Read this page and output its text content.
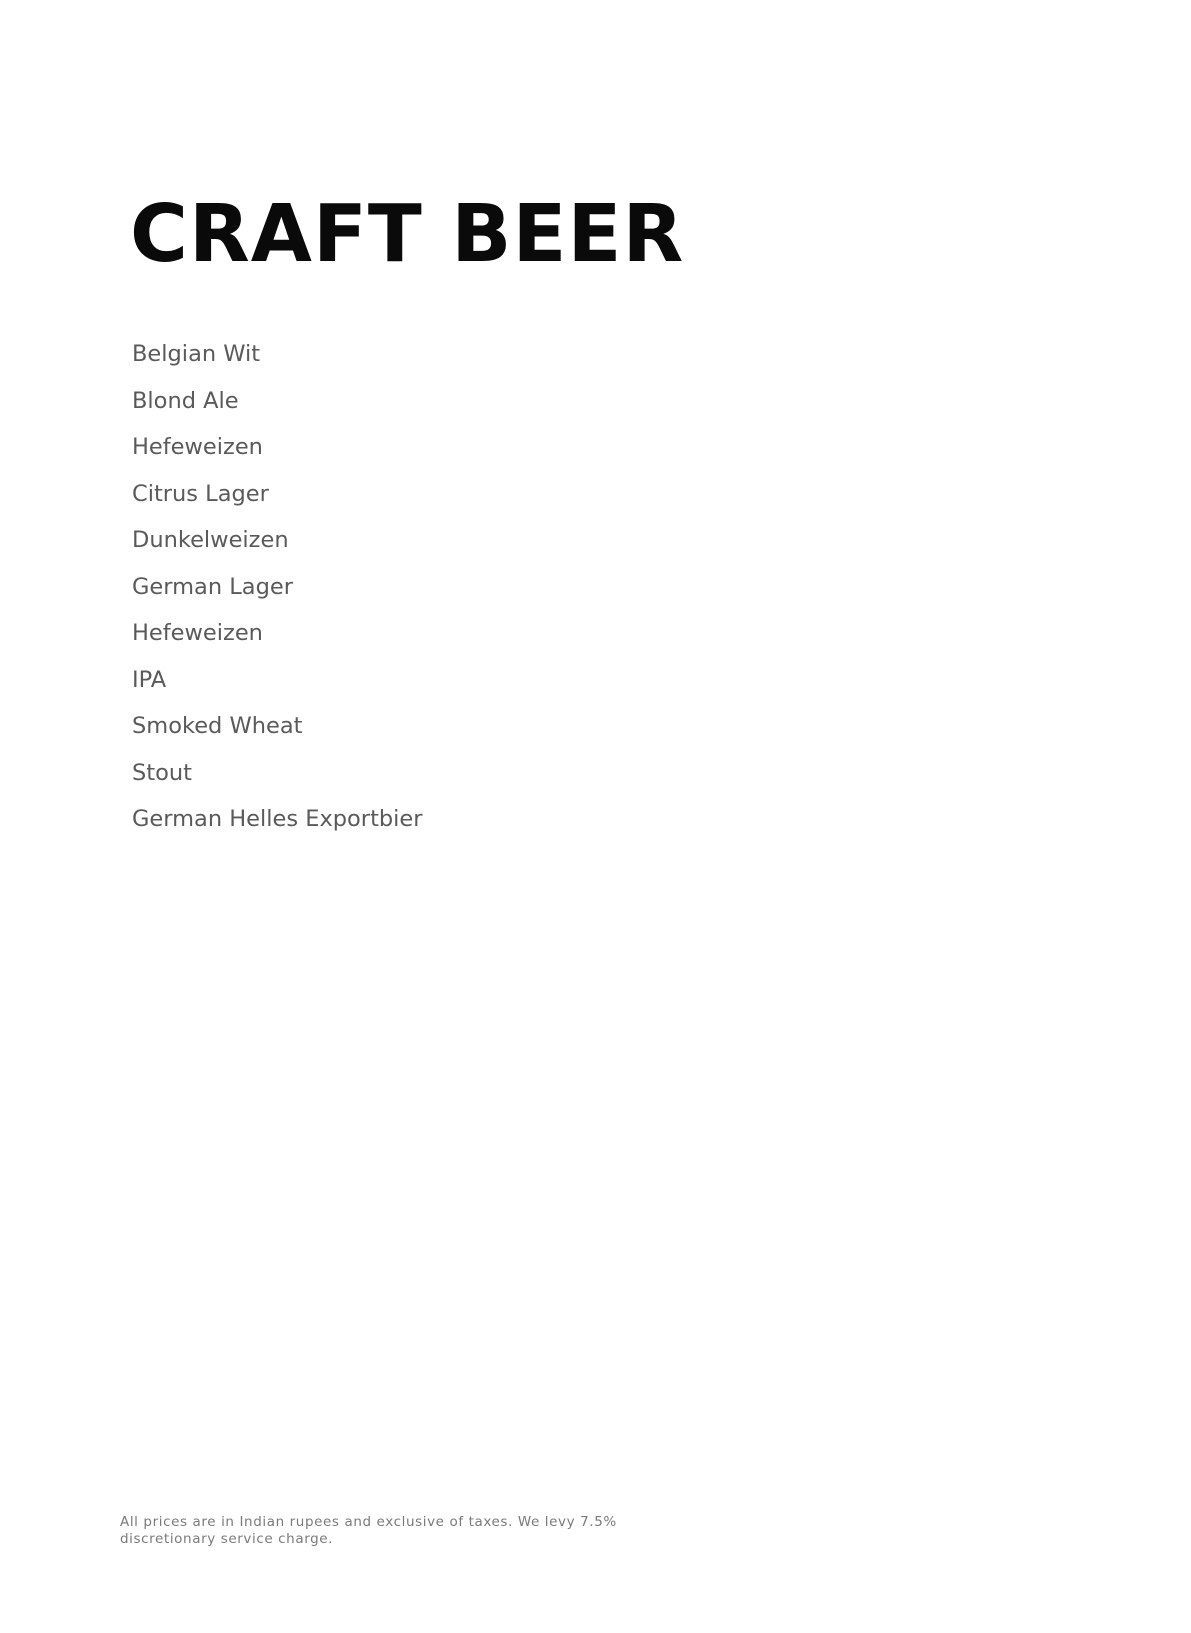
CRAFT BEER
Belgian Wit
Blond Ale
Hefeweizen
Citrus Lager
Dunkelweizen
German Lager
Hefeweizen
IPA
Smoked Wheat
Stout
German Helles Exportbier

All prices are in Indian rupees and exclusive of taxes. We levy 7.5% discretionary service charge.
